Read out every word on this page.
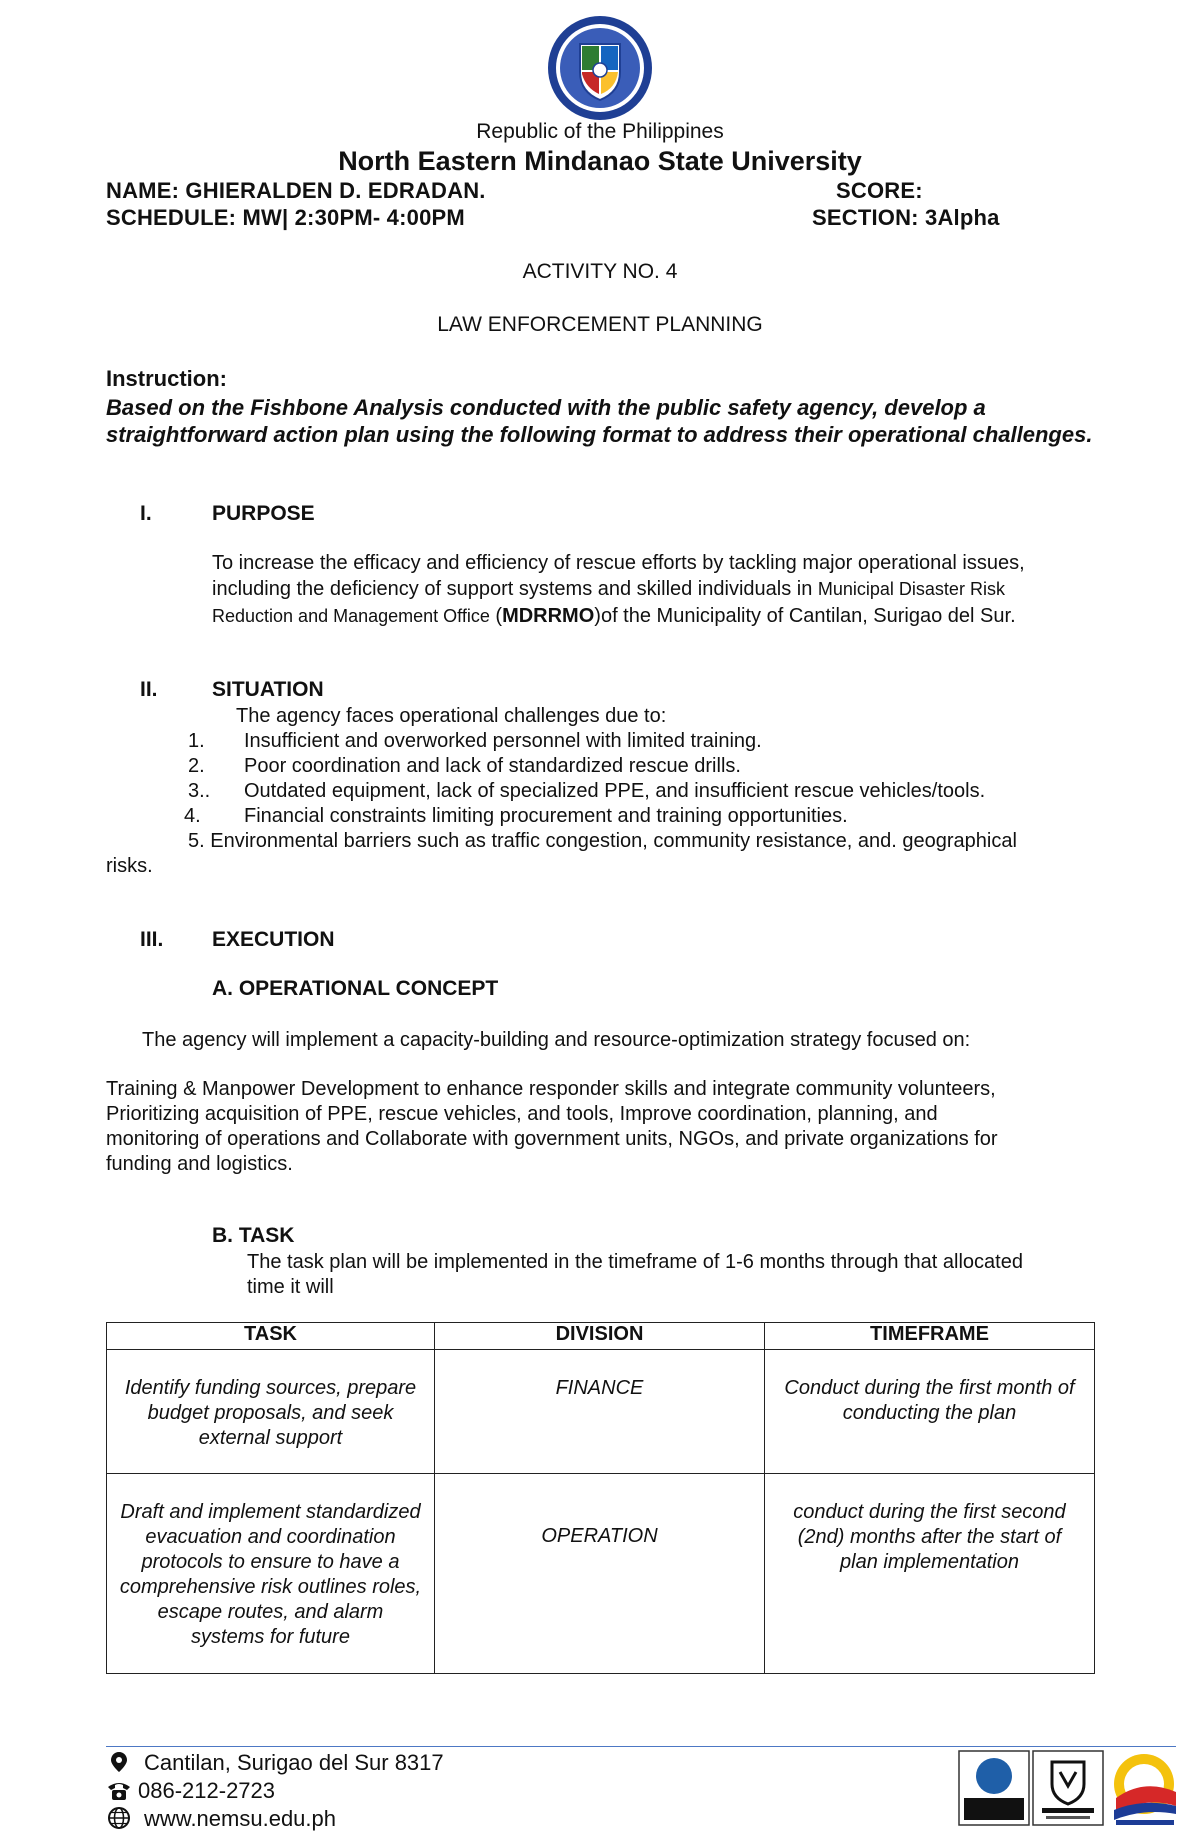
Republic of the Philippines
North Eastern Mindanao State University
NAME: GHIERALDEN D. EDRADAN.	SCORE:
SCHEDULE: MW| 2:30PM- 4:00PM	SECTION: 3Alpha
ACTIVITY NO. 4
LAW ENFORCEMENT PLANNING
Instruction:
Based on the Fishbone Analysis conducted with the public safety agency, develop a straightforward action plan using the following format to address their operational challenges.
I.	PURPOSE
To increase the efficacy and efficiency of rescue efforts by tackling major operational issues,
including the deficiency of support systems and skilled individuals in Municipal Disaster Risk
Reduction and Management Office (MDRRMO)of the Municipality of Cantilan, Surigao del Sur.
II.	SITUATION
The agency faces operational challenges due to:
1. Insufficient and overworked personnel with limited training.
2. Poor coordination and lack of standardized rescue drills.
3.. Outdated equipment, lack of specialized PPE, and insufficient rescue vehicles/tools.
4. Financial constraints limiting procurement and training opportunities.
5. Environmental barriers such as traffic congestion, community resistance, and. geographical
risks.
III. EXECUTION
A. OPERATIONAL CONCEPT
The agency will implement a capacity-building and resource-optimization strategy focused on:
Training & Manpower Development to enhance responder skills and integrate community volunteers,
Prioritizing acquisition of PPE, rescue vehicles, and tools, Improve coordination, planning, and
monitoring of operations and Collaborate with government units, NGOs, and private organizations for
funding and logistics.
B. TASK
The task plan will be implemented in the timeframe of 1-6 months through that allocated
time it will
TASK	DIVISION	TIMEFRAME
Identify funding sources, prepare budget proposals, and seek external support	FINANCE	Conduct during the first month of conducting the plan
Draft and implement standardized evacuation and coordination protocols to ensure to have a comprehensive risk outlines roles, escape routes, and alarm systems for future	OPERATION	conduct during the first second (2nd) months after the start of plan implementation
Cantilan, Surigao del Sur 8317
086-212-2723
www.nemsu.edu.ph
